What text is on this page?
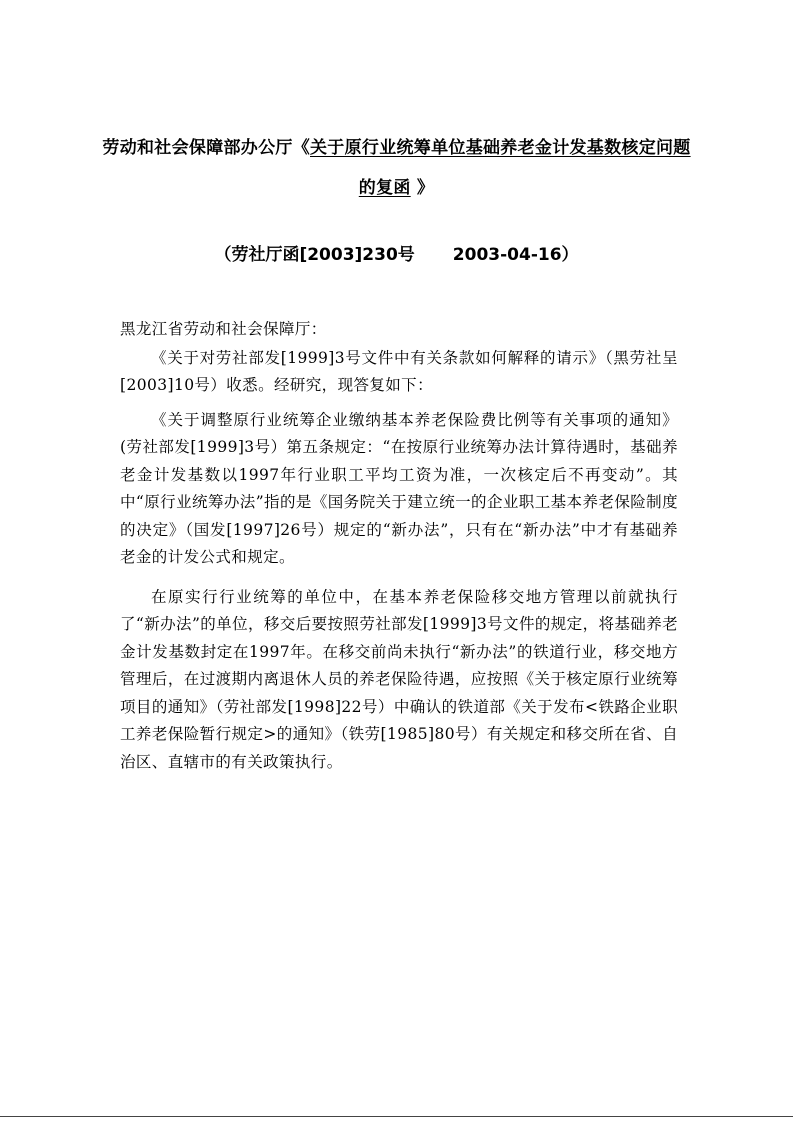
劳动和社会保障部办公厅《关于原行业统筹单位基础养老金计发基数核定问题的复函 》
（劳社厅函[2003]230号 2003-04-16）

黑龙江省劳动和社会保障厅：

《关于对劳社部发[1999]3号文件中有关条款如何解释的请示》（黑劳社呈[2003]10号）收悉。经研究，现答复如下：

《关于调整原行业统筹企业缴纳基本养老保险费比例等有关事项的通知》(劳社部发[1999]3号）第五条规定：“在按原行业统筹办法计算待遇时，基础养老金计发基数以1997年行业职工平均工资为准，一次核定后不再变动”。其中“原行业统筹办法”指的是《国务院关于建立统一的企业职工基本养老保险制度的决定》（国发[1997]26号）规定的“新办法”，只有在“新办法”中才有基础养老金的计发公式和规定。

在原实行行业统筹的单位中，在基本养老保险移交地方管理以前就执行了“新办法”的单位，移交后要按照劳社部发[1999]3号文件的规定，将基础养老金计发基数封定在1997年。在移交前尚未执行“新办法”的铁道行业，移交地方管理后，在过渡期内离退休人员的养老保险待遇，应按照《关于核定原行业统筹项目的通知》（劳社部发[1998]22号）中确认的铁道部《关于发布<铁路企业职工养老保险暂行规定>的通知》（铁劳[1985]80号）有关规定和移交所在省、自治区、直辖市的有关政策执行。
